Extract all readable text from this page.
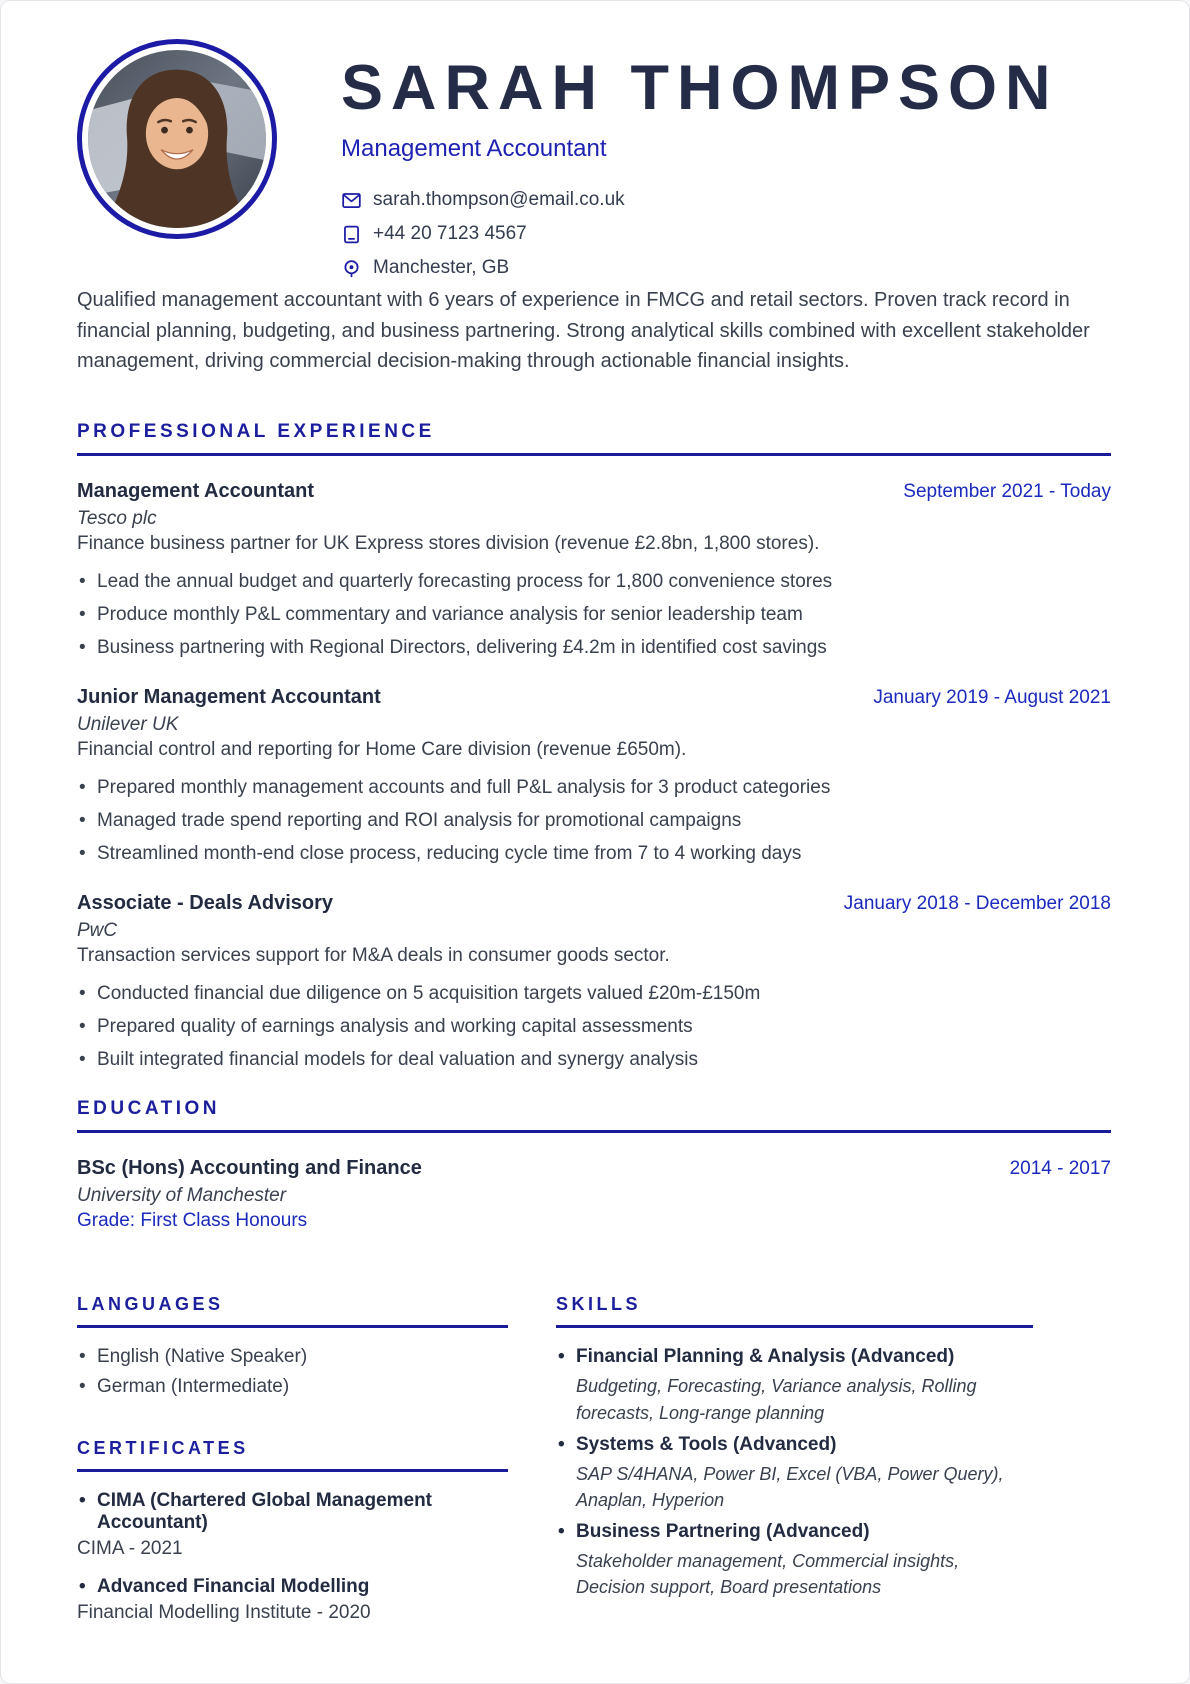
SARAH THOMPSON
Management Accountant
sarah.thompson@email.co.uk
+44 20 7123 4567
Manchester, GB

Qualified management accountant with 6 years of experience in FMCG and retail sectors. Proven track record in financial planning, budgeting, and business partnering. Strong analytical skills combined with excellent stakeholder management, driving commercial decision-making through actionable financial insights.

PROFESSIONAL EXPERIENCE
Management Accountant	September 2021 - Today
Tesco plc
Finance business partner for UK Express stores division (revenue £2.8bn, 1,800 stores).
• Lead the annual budget and quarterly forecasting process for 1,800 convenience stores
• Produce monthly P&L commentary and variance analysis for senior leadership team
• Business partnering with Regional Directors, delivering £4.2m in identified cost savings
Junior Management Accountant	January 2019 - August 2021
Unilever UK
Financial control and reporting for Home Care division (revenue £650m).
• Prepared monthly management accounts and full P&L analysis for 3 product categories
• Managed trade spend reporting and ROI analysis for promotional campaigns
• Streamlined month-end close process, reducing cycle time from 7 to 4 working days
Associate - Deals Advisory	January 2018 - December 2018
PwC
Transaction services support for M&A deals in consumer goods sector.
• Conducted financial due diligence on 5 acquisition targets valued £20m-£150m
• Prepared quality of earnings analysis and working capital assessments
• Built integrated financial models for deal valuation and synergy analysis
EDUCATION
BSc (Hons) Accounting and Finance	2014 - 2017
University of Manchester
Grade: First Class Honours
LANGUAGES
• English (Native Speaker)
• German (Intermediate)
CERTIFICATES
• CIMA (Chartered Global Management Accountant)
CIMA - 2021
• Advanced Financial Modelling
Financial Modelling Institute - 2020
SKILLS
• Financial Planning & Analysis (Advanced)
Budgeting, Forecasting, Variance analysis, Rolling forecasts, Long-range planning
• Systems & Tools (Advanced)
SAP S/4HANA, Power BI, Excel (VBA, Power Query), Anaplan, Hyperion
• Business Partnering (Advanced)
Stakeholder management, Commercial insights, Decision support, Board presentations
